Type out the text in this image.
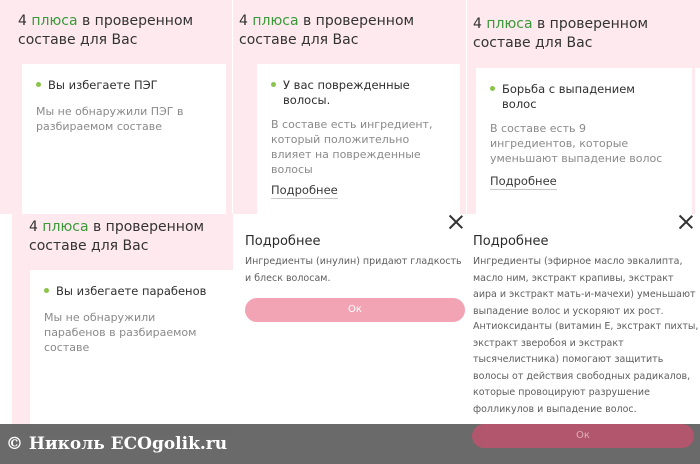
4 плюса в проверенном
составе для Вас
Вы избегаете ПЭГ
Мы не обнаружили ПЭГ в
разбираемом составе
4 плюса в проверенном
составе для Вас
У вас поврежденные
волосы.
В составе есть ингредиент,
который положительно
влияет на поврежденные
волосы
Подробнее
4 плюса в проверенном
составе для Вас
Борьба с выпадением
волос
В составе есть 9
ингредиентов, которые
уменьшают выпадение волос
Подробнее
4 плюса в проверенном
составе для Вас
Вы избегаете парабенов
Мы не обнаружили
парабенов в разбираемом
составе
Подробнее
Ингредиенты (инулин) придают гладкость
и блеск волосам.
Ок
Подробнее
Ингредиенты (эфирное масло эвкалипта,
масло ним, экстракт крапивы, экстракт
аира и экстракт мать-и-мачехи) уменьшают
выпадение волос и ускоряют их рост.
Антиоксиданты (витамин Е, экстракт пихты,
экстракт зверобоя и экстракт
тысячелистника) помогают защитить
волосы от действия свободных радикалов,
которые провоцируют разрушение
фолликулов и выпадение волос.
© Николь ECOgolik.ru	Ок
